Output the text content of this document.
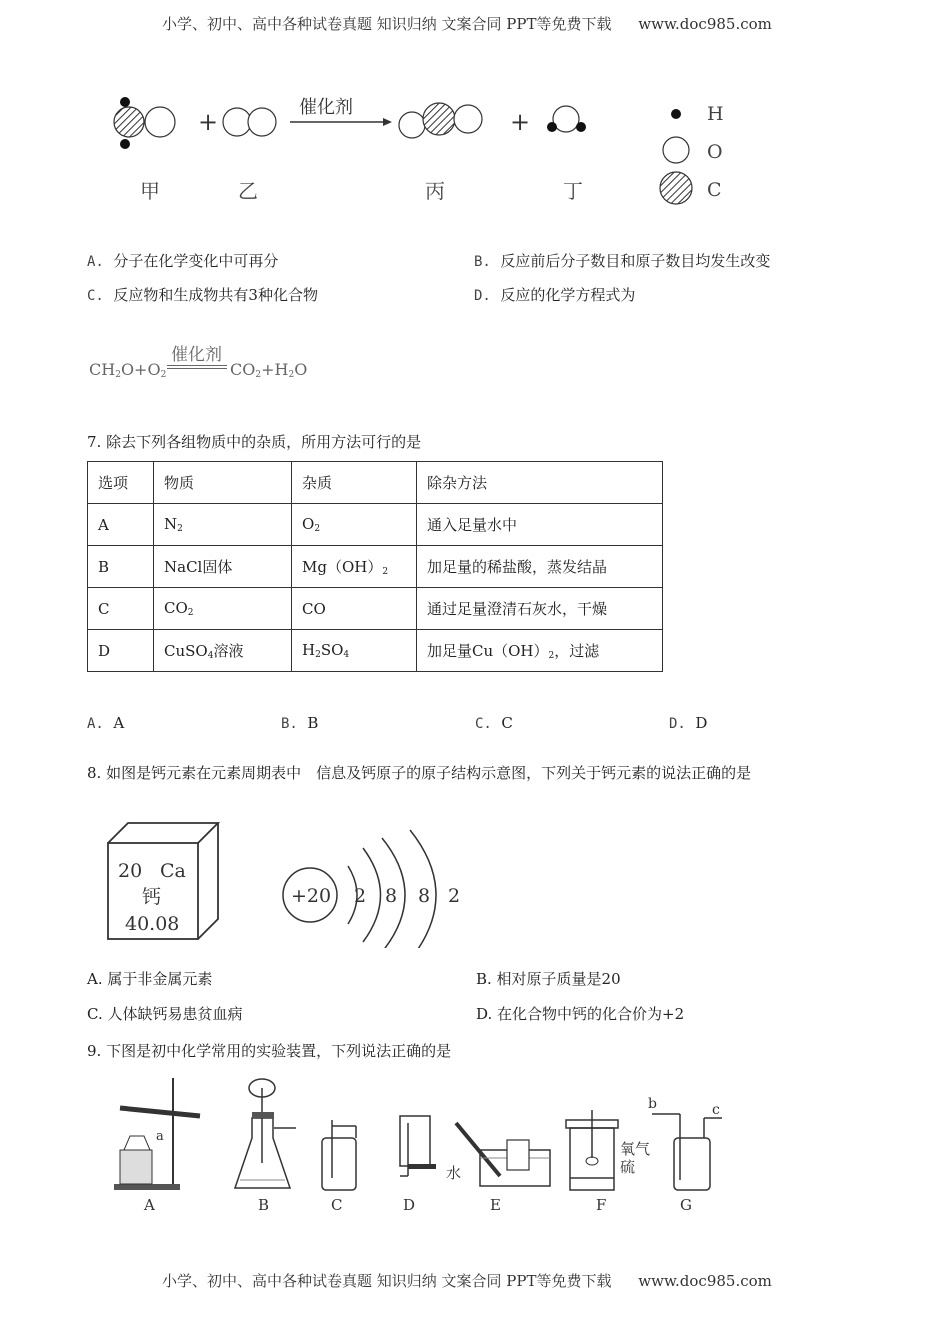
小学、初中、高中各种试卷真题 知识归纳 文案合同 PPT等免费下载 www.doc985.com
+
催化剂
+
甲	乙	丙	丁
H
O
C
A. 分子在化学变化中可再分	B. 反应前后分子数目和原子数目均发生改变
C. 反应物和生成物共有3种化合物	D. 反应的化学方程式为
催化剂
$CH_2O+O_2$	$CO_2+H_2O$
7. 除去下列各组物质中的杂质，所用方法可行的是
选项	物质	杂质	除杂方法
A	$N_2$	$O_2$	通入足量水中
B	NaCl固体	$Mg(OH)_2$	加足量的稀盐酸，蒸发结晶
C	$CO_2$	CO	通过足量澄清石灰水，干燥
D	CuSO$_4$溶液	$H_2SO_4$	加足量$Cu(OH)_2$，过滤
A. A	B. B	C. C	D. D
8. 如图是钙元素在元素周期表中　信息及钙原子的原子结构示意图，下列关于钙元素的说法正确的是
20 Ca
钙
40.08
+20 2 8 8 2
A. 属于非金属元素	B. 相对原子质量是20
C. 人体缺钙易患贫血病	D. 在化合物中钙的化合价为+2
9. 下图是初中化学常用的实验装置，下列说法正确的是
a
水
氧气
硫
b	c
A	B	C	D	E	F	G
小学、初中、高中各种试卷真题 知识归纳 文案合同 PPT等免费下载 www.doc985.com
